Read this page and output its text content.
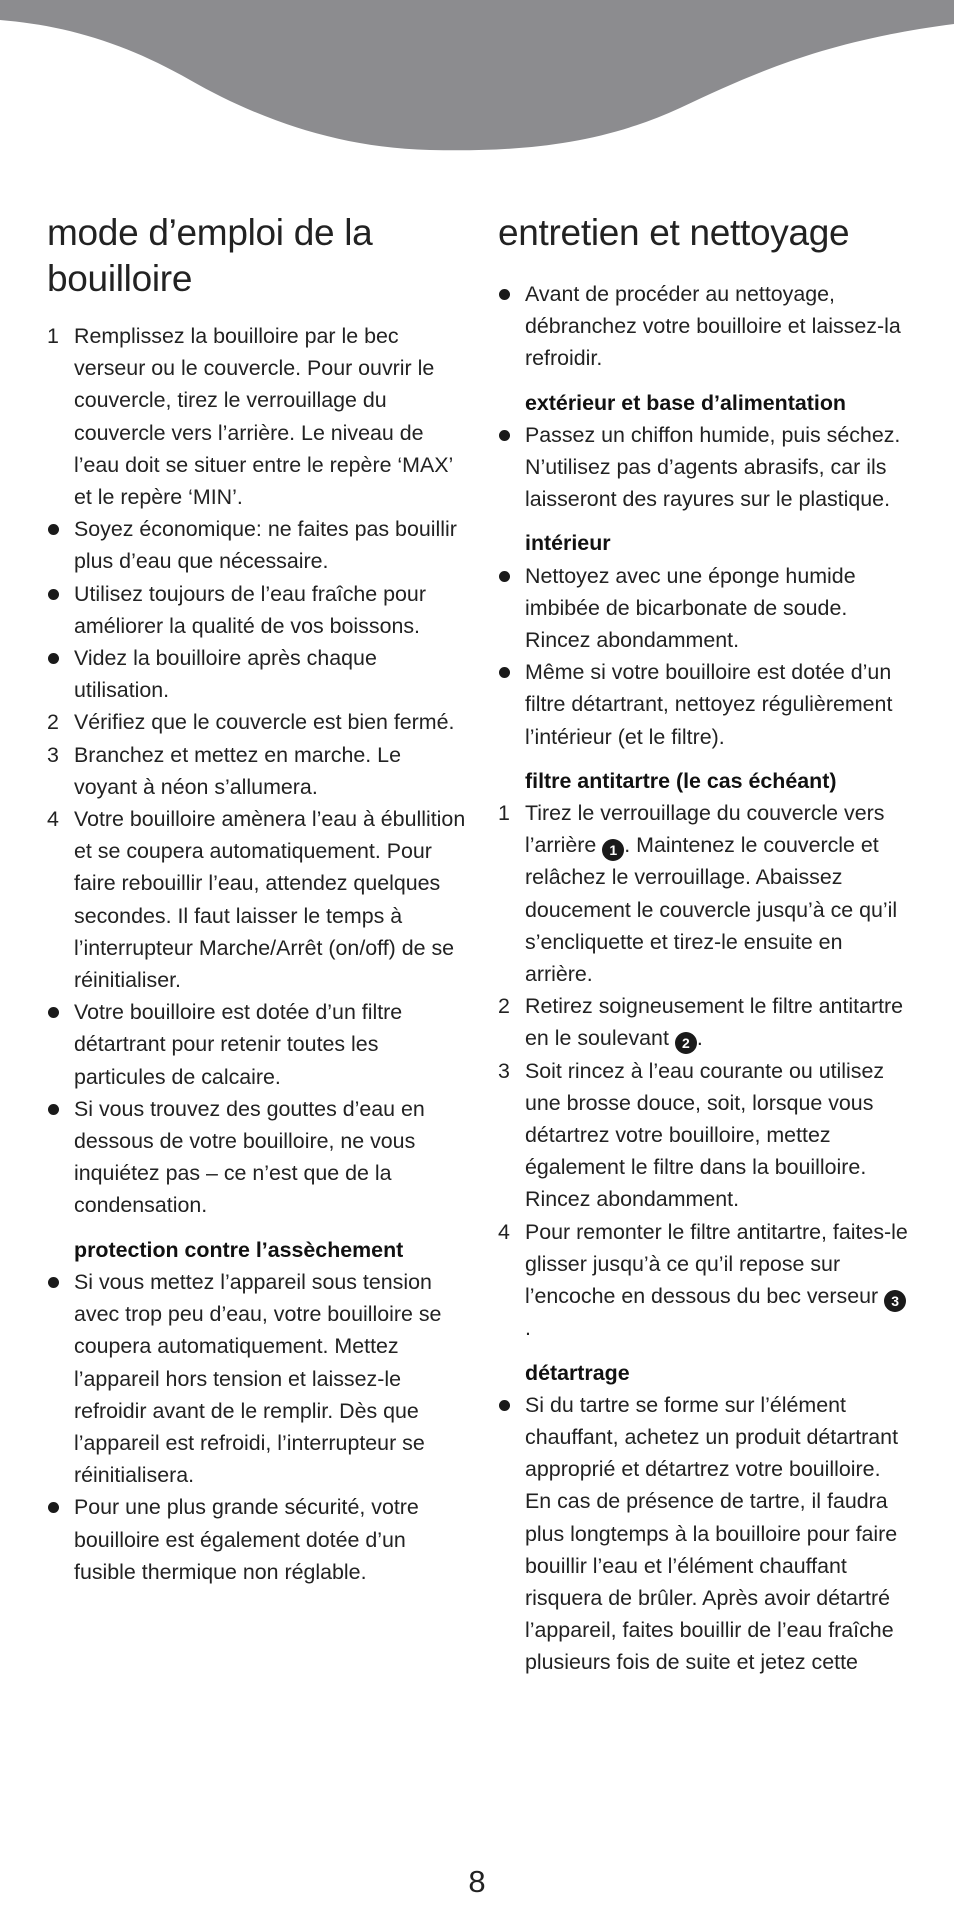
mode d’emploi de la bouilloire
1 Remplissez la bouilloire par le bec verseur ou le couvercle. Pour ouvrir le couvercle, tirez le verrouillage du couvercle vers l’arrière. Le niveau de l’eau doit se situer entre le repère ‘MAX’ et le repère ‘MIN’.
Soyez économique: ne faites pas bouillir plus d’eau que nécessaire.
Utilisez toujours de l’eau fraîche pour améliorer la qualité de vos boissons.
Videz la bouilloire après chaque utilisation.
2 Vérifiez que le couvercle est bien fermé.
3 Branchez et mettez en marche. Le voyant à néon s’allumera.
4 Votre bouilloire amènera l’eau à ébullition et se coupera automatiquement. Pour faire rebouillir l’eau, attendez quelques secondes. Il faut laisser le temps à l’interrupteur Marche/Arrêt (on/off) de se réinitialiser.
Votre bouilloire est dotée d’un filtre détartrant pour retenir toutes les particules de calcaire.
Si vous trouvez des gouttes d’eau en dessous de votre bouilloire, ne vous inquiétez pas – ce n’est que de la condensation.
protection contre l’assèchement
Si vous mettez l’appareil sous tension avec trop peu d’eau, votre bouilloire se coupera automatiquement. Mettez l’appareil hors tension et laissez-le refroidir avant de le remplir. Dès que l’appareil est refroidi, l’interrupteur se réinitialisera.
Pour une plus grande sécurité, votre bouilloire est également dotée d’un fusible thermique non réglable.
entretien et nettoyage
Avant de procéder au nettoyage, débranchez votre bouilloire et laissez-la refroidir.
extérieur et base d’alimentation
Passez un chiffon humide, puis séchez. N’utilisez pas d’agents abrasifs, car ils laisseront des rayures sur le plastique.
intérieur
Nettoyez avec une éponge humide imbibée de bicarbonate de soude. Rincez abondamment.
Même si votre bouilloire est dotée d’un filtre détartrant, nettoyez régulièrement l’intérieur (et le filtre).
filtre antitartre (le cas échéant)
1 Tirez le verrouillage du couvercle vers l’arrière 1 . Maintenez le couvercle et relâchez le verrouillage. Abaissez doucement le couvercle jusqu’à ce qu’il s’encliquette et tirez-le ensuite en arrière.
2 Retirez soigneusement le filtre antitartre en le soulevant 2 .
3 Soit rincez à l’eau courante ou utilisez une brosse douce, soit, lorsque vous détartrez votre bouilloire, mettez également le filtre dans la bouilloire. Rincez abondamment.
4 Pour remonter le filtre antitartre, faites-le glisser jusqu’à ce qu’il repose sur l’encoche en dessous du bec verseur 3.
détartrage
Si du tartre se forme sur l’élément chauffant, achetez un produit détartrant approprié et détartrez votre bouilloire. En cas de présence de tartre, il faudra plus longtemps à la bouilloire pour faire bouillir l’eau et l’élément chauffant risquera de brûler. Après avoir détartré l’appareil, faites bouillir de l’eau fraîche plusieurs fois de suite et jetez cette
8
